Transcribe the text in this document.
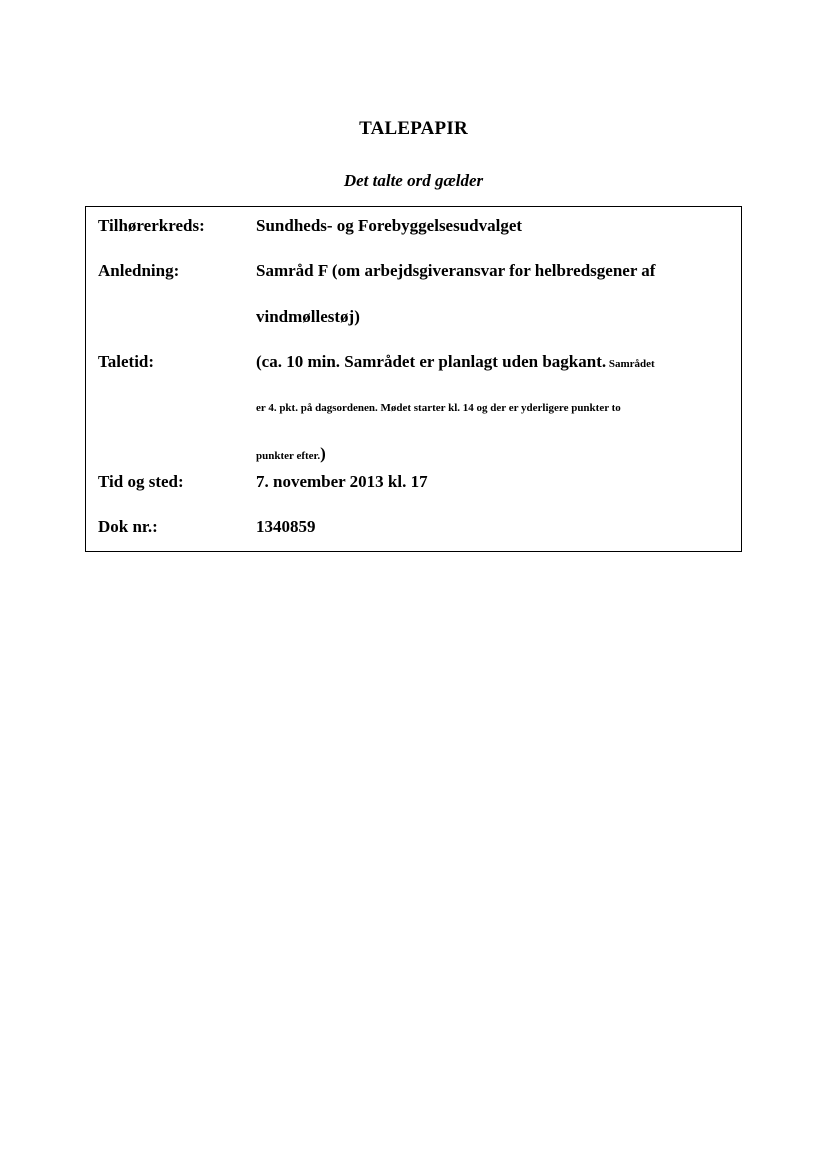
TALEPAPIR
Det talte ord gælder
Tilhørerkreds:	Sundheds- og Forebyggelsesudvalget
Anledning:	Samråd F (om arbejdsgiveransvar for helbredsgener af
vindmøllestøj)
Taletid:	(ca. 10 min. Samrådet er planlagt uden bagkant. Samrådet
er 4. pkt. på dagsordenen. Mødet starter kl. 14 og der er yderligere punkter to
punkter efter.)
Tid og sted:	7. november 2013 kl. 17
Dok nr.:	1340859
